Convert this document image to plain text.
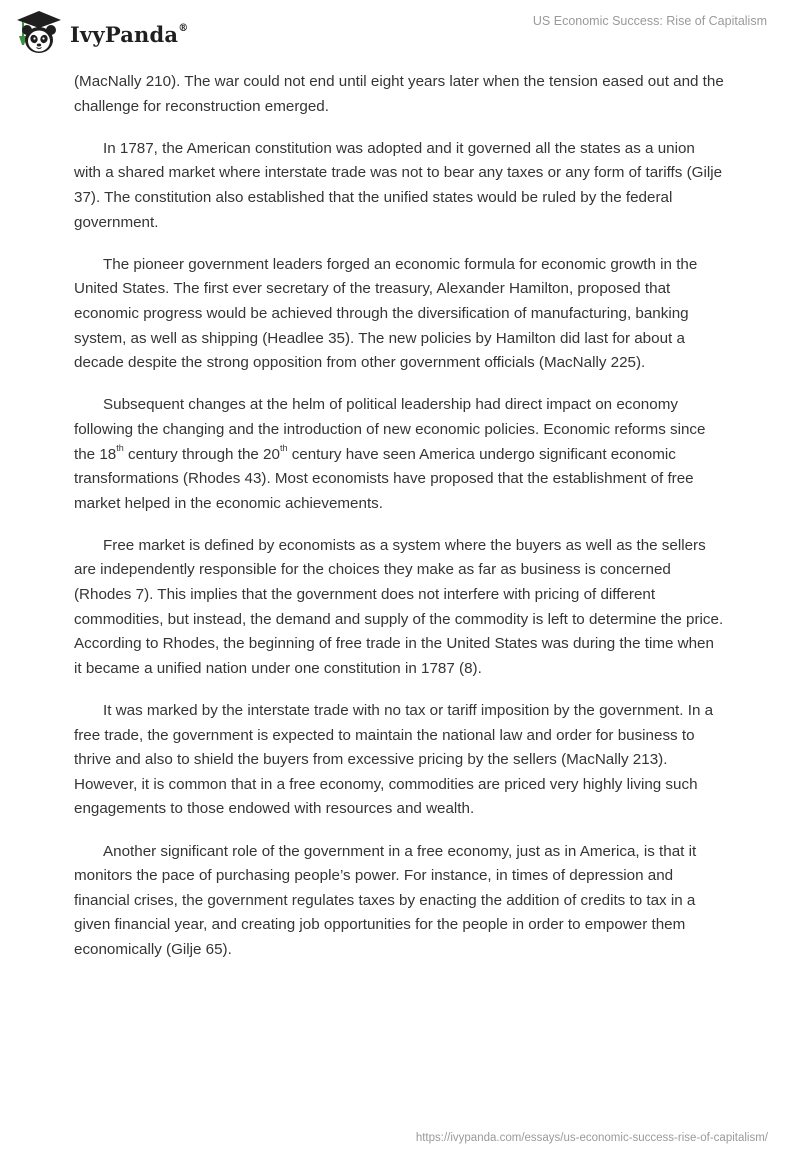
IvyPanda®	US Economic Success: Rise of Capitalism

(MacNally 210). The war could not end until eight years later when the tension eased out and the challenge for reconstruction emerged.

In 1787, the American constitution was adopted and it governed all the states as a union with a shared market where interstate trade was not to bear any taxes or any form of tariffs (Gilje 37). The constitution also established that the unified states would be ruled by the federal government.

The pioneer government leaders forged an economic formula for economic growth in the United States. The first ever secretary of the treasury, Alexander Hamilton, proposed that economic progress would be achieved through the diversification of manufacturing, banking system, as well as shipping (Headlee 35). The new policies by Hamilton did last for about a decade despite the strong opposition from other government officials (MacNally 225).

Subsequent changes at the helm of political leadership had direct impact on economy following the changing and the introduction of new economic policies. Economic reforms since the 18th century through the 20th century have seen America undergo significant economic transformations (Rhodes 43). Most economists have proposed that the establishment of free market helped in the economic achievements.

Free market is defined by economists as a system where the buyers as well as the sellers are independently responsible for the choices they make as far as business is concerned (Rhodes 7). This implies that the government does not interfere with pricing of different commodities, but instead, the demand and supply of the commodity is left to determine the price. According to Rhodes, the beginning of free trade in the United States was during the time when it became a unified nation under one constitution in 1787 (8).

It was marked by the interstate trade with no tax or tariff imposition by the government. In a free trade, the government is expected to maintain the national law and order for business to thrive and also to shield the buyers from excessive pricing by the sellers (MacNally 213). However, it is common that in a free economy, commodities are priced very highly living such engagements to those endowed with resources and wealth.

Another significant role of the government in a free economy, just as in America, is that it monitors the pace of purchasing people’s power. For instance, in times of depression and financial crises, the government regulates taxes by enacting the addition of credits to tax in a given financial year, and creating job opportunities for the people in order to empower them economically (Gilje 65).

https://ivypanda.com/essays/us-economic-success-rise-of-capitalism/
